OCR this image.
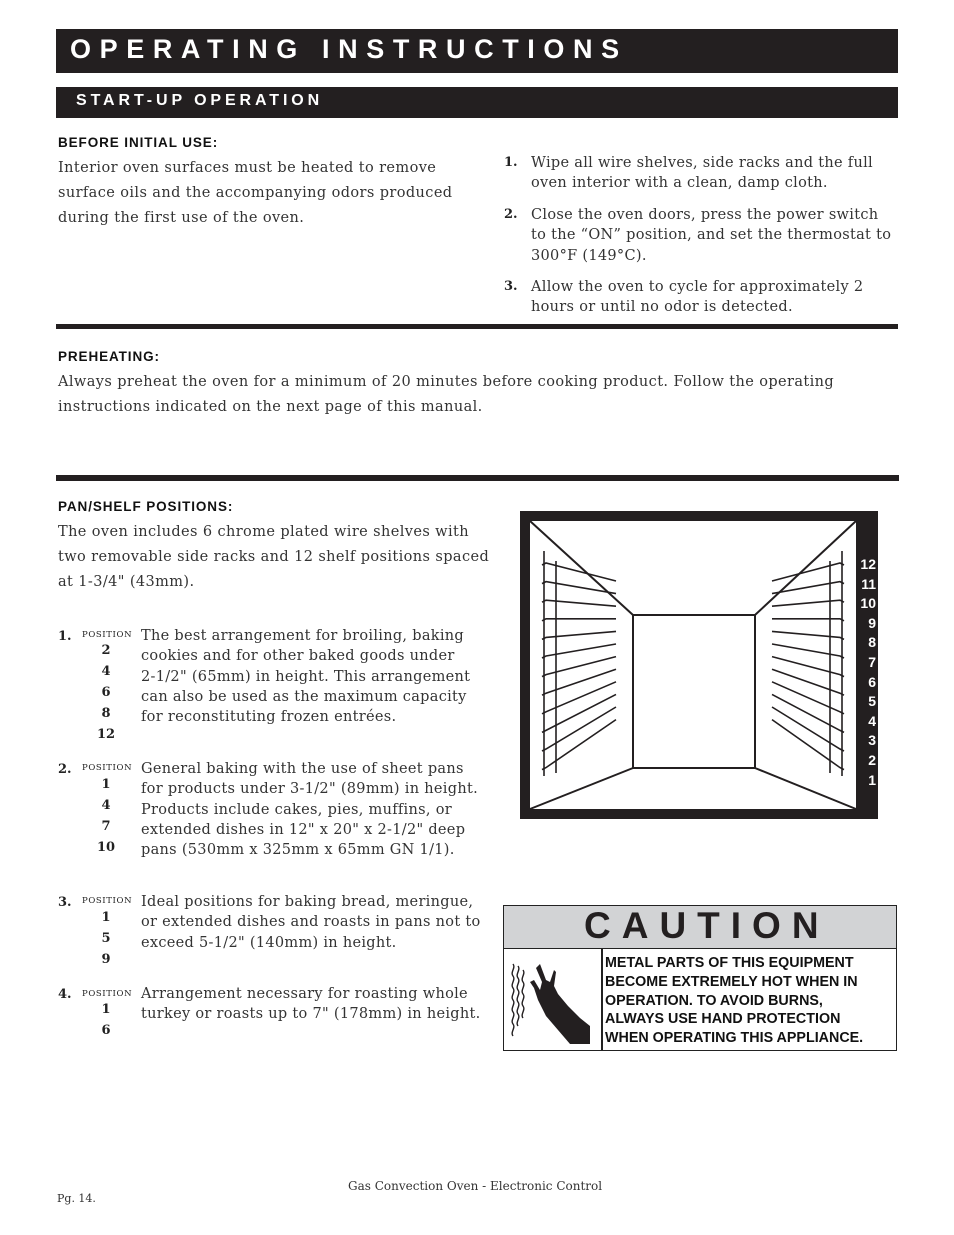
OPERATING INSTRUCTIONS
START-UP OPERATION
BEFORE INITIAL USE:
Interior oven surfaces must be heated to remove
surface oils and the accompanying odors produced
during the first use of the oven.
1. Wipe all wire shelves, side racks and the full
oven interior with a clean, damp cloth.
2. Close the oven doors, press the power switch
to the “ON” position, and set the thermostat to
300°F (149°C).
3. Allow the oven to cycle for approximately 2
hours or until no odor is detected.
PREHEATING:
Always preheat the oven for a minimum of 20 minutes before cooking product. Follow the operating
instructions indicated on the next page of this manual.
PAN/SHELF POSITIONS:
The oven includes 6 chrome plated wire shelves with
two removable side racks and 12 shelf positions spaced
at 1-3/4" (43mm).
1. POSITION
2
4
6
8
12
The best arrangement for broiling, baking
cookies and for other baked goods under
2-1/2" (65mm) in height. This arrangement
can also be used as the maximum capacity
for reconstituting frozen entrées.
2. POSITION
1
4
7
10
General baking with the use of sheet pans
for products under 3-1/2" (89mm) in height.
Products include cakes, pies, muffins, or
extended dishes in 12" x 20" x 2-1/2" deep
pans (530mm x 325mm x 65mm GN 1/1).
3. POSITION
1
5
9
Ideal positions for baking bread, meringue,
or extended dishes and roasts in pans not to
exceed 5-1/2" (140mm) in height.
4. POSITION
1
6
Arrangement necessary for roasting whole
turkey or roasts up to 7" (178mm) in height.
12
11
10
9
8
7
6
5
4
3
2
1
CAUTION
METAL PARTS OF THIS EQUIPMENT
BECOME EXTREMELY HOT WHEN IN
OPERATION. TO AVOID BURNS,
ALWAYS USE HAND PROTECTION
WHEN OPERATING THIS APPLIANCE.
Gas Convection Oven - Electronic Control
Pg. 14.
